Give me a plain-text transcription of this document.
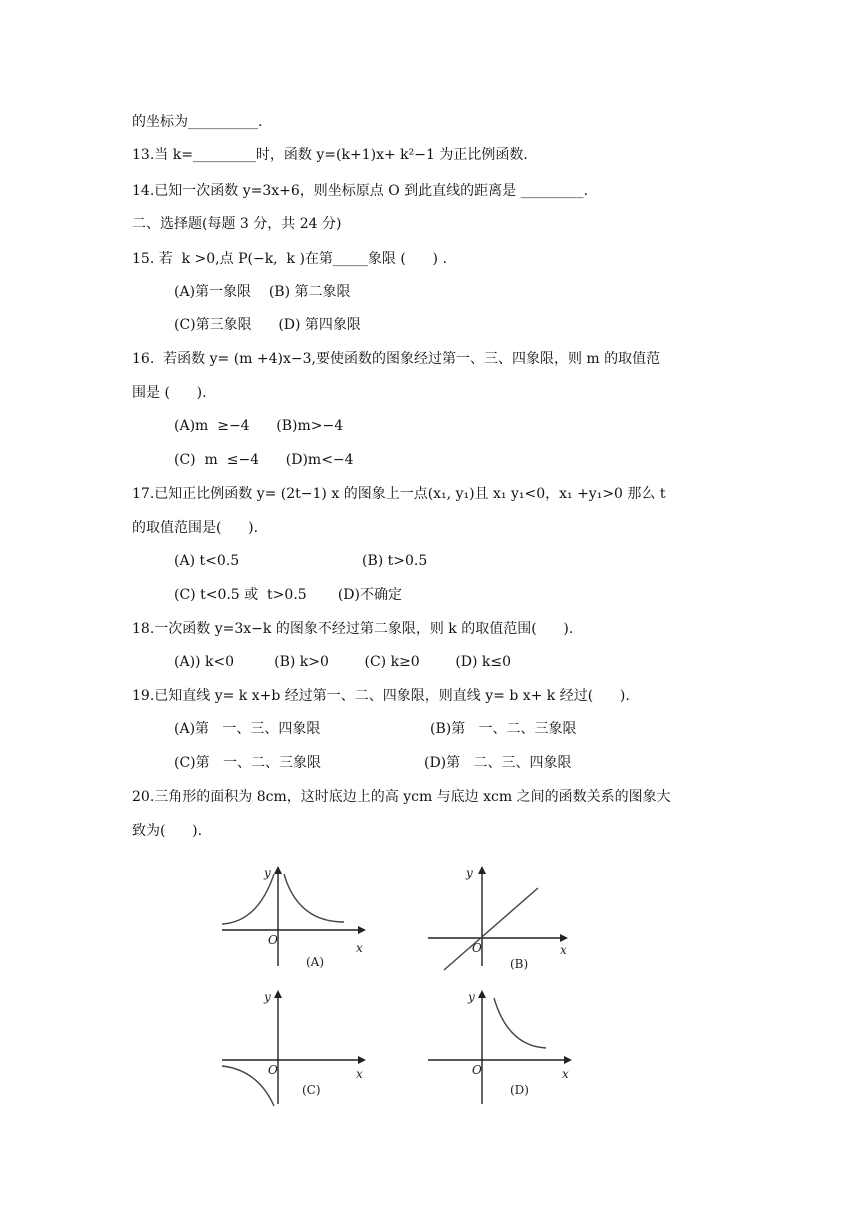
的坐标为__________.
13.当 k=_________时，函数 y=(k+1)x+ k²−1 为正比例函数.
14.已知一次函数 y=3x+6，则坐标原点 O 到此直线的距离是 _________.
二、选择题(每题 3 分，共 24 分)
15. 若  k >0,点 P(−k,  k )在第_____象限 (      ) .
(A)第一象限    (B) 第二象限
(C)第三象限      (D) 第四象限
16.  若函数 y= (m +4)x−3,要使函数的图象经过第一、三、四象限，则 m 的取值范
围是 (      ).
(A)m  ≥−4      (B)m>−4
(C)  m  ≤−4      (D)m<−4
17.已知正比例函数 y= (2t−1) x 的图象上一点(x₁, y₁)且 x₁ y₁<0，x₁ +y₁>0 那么 t
的取值范围是(      ).
(A) t<0.5	(B) t>0.5
(C) t<0.5 或  t>0.5       (D)不确定
18.一次函数 y=3x−k 的图象不经过第二象限，则 k 的取值范围(      ).
(A)) k<0         (B) k>0        (C) k≥0        (D) k≤0
19.已知直线 y= k x+b 经过第一、二、四象限，则直线 y= b x+ k 经过(      ).
(A)第   一、三、四象限	(B)第   一、二、三象限
(C)第   一、二、三象限	(D)第   二、三、四象限
20.三角形的面积为 8cm，这时底边上的高 ycm 与底边 xcm 之间的函数关系的图象大
致为(      ).
y
x
O
(A)
y
x
O
(B)
y
x
O
(C)
y
x
O
(D)
